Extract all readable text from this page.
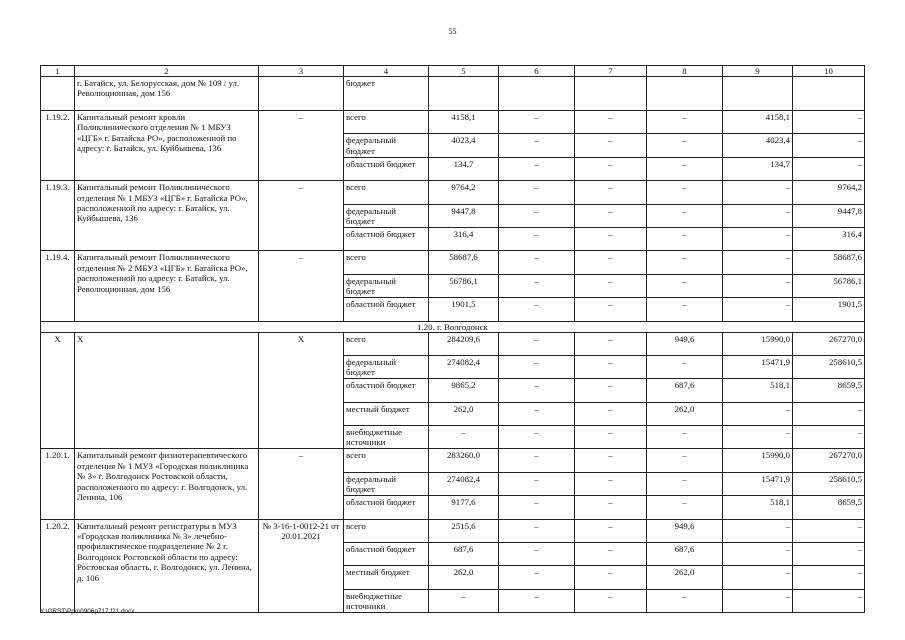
55
1	2	3	4	5	6	7	8	9	10
	г. Батайск, ул. Белорусская, дом № 109 / ул. Революционная, дом 156		бюджет						
1.19.2.	Капитальный ремонт кровли Поликлинического отделения № 1 МБУЗ «ЦГБ» г. Батайска РО», расположенной по адресу: г. Батайск, ул. Куйбышева, 136	–	всего	4158,1	–	–	–	4158,1	–

			федеральный бюджет	4023,4	–	–	–	4023,4	–

			областной бюджет	134,7	–	–	–	134,7	–
1.19.3.	Капитальный ремонт Поликлинического отделения № 1 МБУЗ «ЦГБ» г. Батайска РО», расположенной по адресу: г. Батайск, ул. Куйбышева, 136	–	всего	9764,2	–	–	–	–	9764,2

			федеральный бюджет	9447,8	–	–	–	–	9447,8

			областной бюджет	316,4	–	–	–	–	316,4
1.19.4.	Капитальный ремонт Поликлинического отделения № 2 МБУЗ «ЦГБ» г. Батайска РО», расположенной по адресу: г. Батайск, ул. Революционная, дом 156	–	всего	58687,6	–	–	–	–	58687,6

			федеральный бюджет	56786,1	–	–	–	–	56786,1

			областной бюджет	1901,5	–	–	–	–	1901,5
1.20. г. Волгодонск									
Х	Х	Х	всего	284209,6	–	–	949,6	15990,0	267270,0

			федеральный бюджет	274082,4	–	–	–	15471,9	258610,5

			областной бюджет	9865,2	–	–	687,6	518,1	8659,5

			местный бюджет	262,0	–	–	262,0	–	–

			внебюджетные источники	–	–	–	–	–	–
1.20.1.	Капитальный ремонт физиотерапевтического отделения № 1 МУЗ «Городская поликлиника № 3» г. Волгодонск Ростовской области, расположенного по адресу: г. Волгодонск, ул. Ленина, 106	–	всего	283260,0	–	–	–	15990,0	267270,0

			федеральный бюджет	274082,4	–	–	–	15471,9	258610,5

			областной бюджет	9177,6	–	–	–	518,1	8659,5
1.20.2.	Капитальный ремонт регистратуры в МУЗ «Городская поликлиника № 3» лечебно-профилактическое подразделение № 2 г. Волгодонск Ростовской области по адресу: Ростовская область, г. Волгодонск, ул. Ленина, д. 106	№ 3-16-1-0012-21 от 20.01.2021	всего	2515,6	–	–	949,6	–	–

			областной бюджет	687,6	–	–	687,6	–	–

			местный бюджет	262,0	–	–	262,0	–	–

			внебюджетные источники	–	–	–	–	–	–
Y:\ORST\Ppo\0906p717.f21.docx
